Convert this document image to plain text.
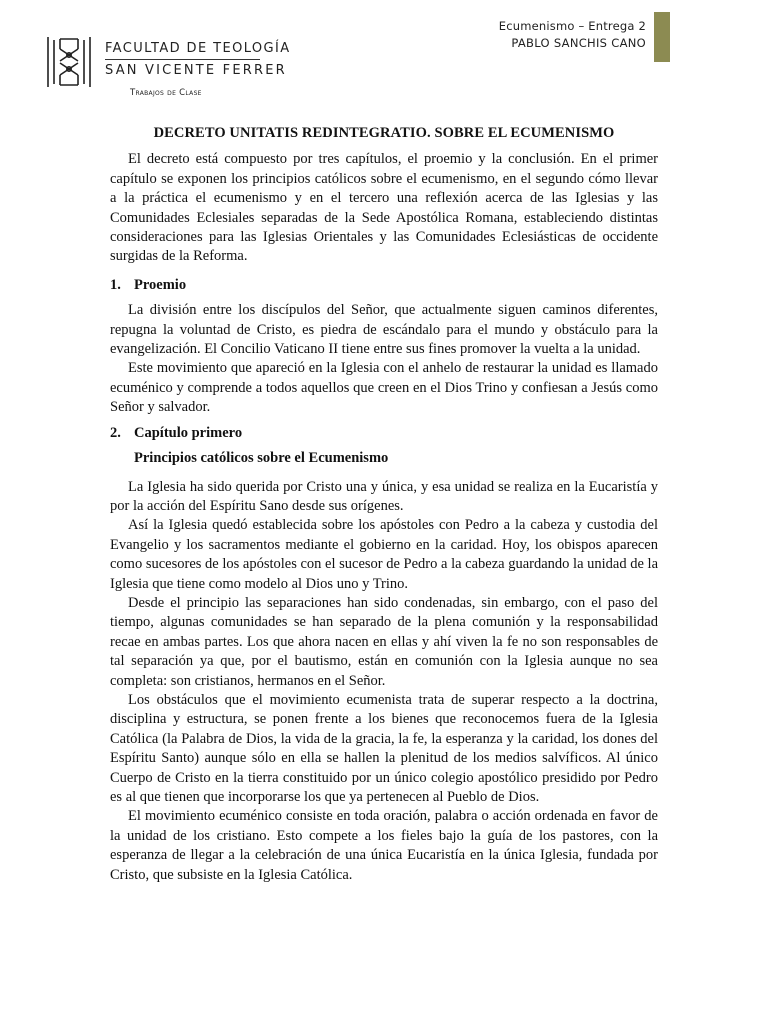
Ecumenismo – Entrega 2
PABLO SANCHIS CANO
FACULTAD DE TEOLOGÍA
SAN VICENTE FERRER
Trabajos de Clase
DECRETO UNITATIS REDINTEGRATIO. SOBRE EL ECUMENISMO

El decreto está compuesto por tres capítulos, el proemio y la conclusión. En el primer capítulo se exponen los principios católicos sobre el ecumenismo, en el segundo cómo llevar a la práctica el ecumenismo y en el tercero una reflexión acerca de las Iglesias y las Comunidades Eclesiales separadas de la Sede Apostólica Romana, estableciendo distintas consideraciones para las Iglesias Orientales y las Comunidades Eclesiásticas de occidente surgidas de la Reforma.

1. Proemio

La división entre los discípulos del Señor, que actualmente siguen caminos diferentes, repugna la voluntad de Cristo, es piedra de escándalo para el mundo y obstáculo para la evangelización. El Concilio Vaticano II tiene entre sus fines promover la vuelta a la unidad.

Este movimiento que apareció en la Iglesia con el anhelo de restaurar la unidad es llamado ecuménico y comprende a todos aquellos que creen en el Dios Trino y confiesan a Jesús como Señor y salvador.

2. Capítulo primero
Principios católicos sobre el Ecumenismo

La Iglesia ha sido querida por Cristo una y única, y esa unidad se realiza en la Eucaristía y por la acción del Espíritu Sano desde sus orígenes.

Así la Iglesia quedó establecida sobre los apóstoles con Pedro a la cabeza y custodia del Evangelio y los sacramentos mediante el gobierno en la caridad. Hoy, los obispos aparecen como sucesores de los apóstoles con el sucesor de Pedro a la cabeza guardando la unidad de la Iglesia que tiene como modelo al Dios uno y Trino.

Desde el principio las separaciones han sido condenadas, sin embargo, con el paso del tiempo, algunas comunidades se han separado de la plena comunión y la responsabilidad recae en ambas partes. Los que ahora nacen en ellas y ahí viven la fe no son responsables de tal separación ya que, por el bautismo, están en comunión con la Iglesia aunque no sea completa: son cristianos, hermanos en el Señor.

Los obstáculos que el movimiento ecumenista trata de superar respecto a la doctrina, disciplina y estructura, se ponen frente a los bienes que reconocemos fuera de la Iglesia Católica (la Palabra de Dios, la vida de la gracia, la fe, la esperanza y la caridad, los dones del Espíritu Santo) aunque sólo en ella se hallen la plenitud de los medios salvíficos. Al único Cuerpo de Cristo en la tierra constituido por un único colegio apostólico presidido por Pedro es al que tienen que incorporarse los que ya pertenecen al Pueblo de Dios.

El movimiento ecuménico consiste en toda oración, palabra o acción ordenada en favor de la unidad de los cristiano. Esto compete a los fieles bajo la guía de los pastores, con la esperanza de llegar a la celebración de una única Eucaristía en la única Iglesia, fundada por Cristo, que subsiste en la Iglesia Católica.
